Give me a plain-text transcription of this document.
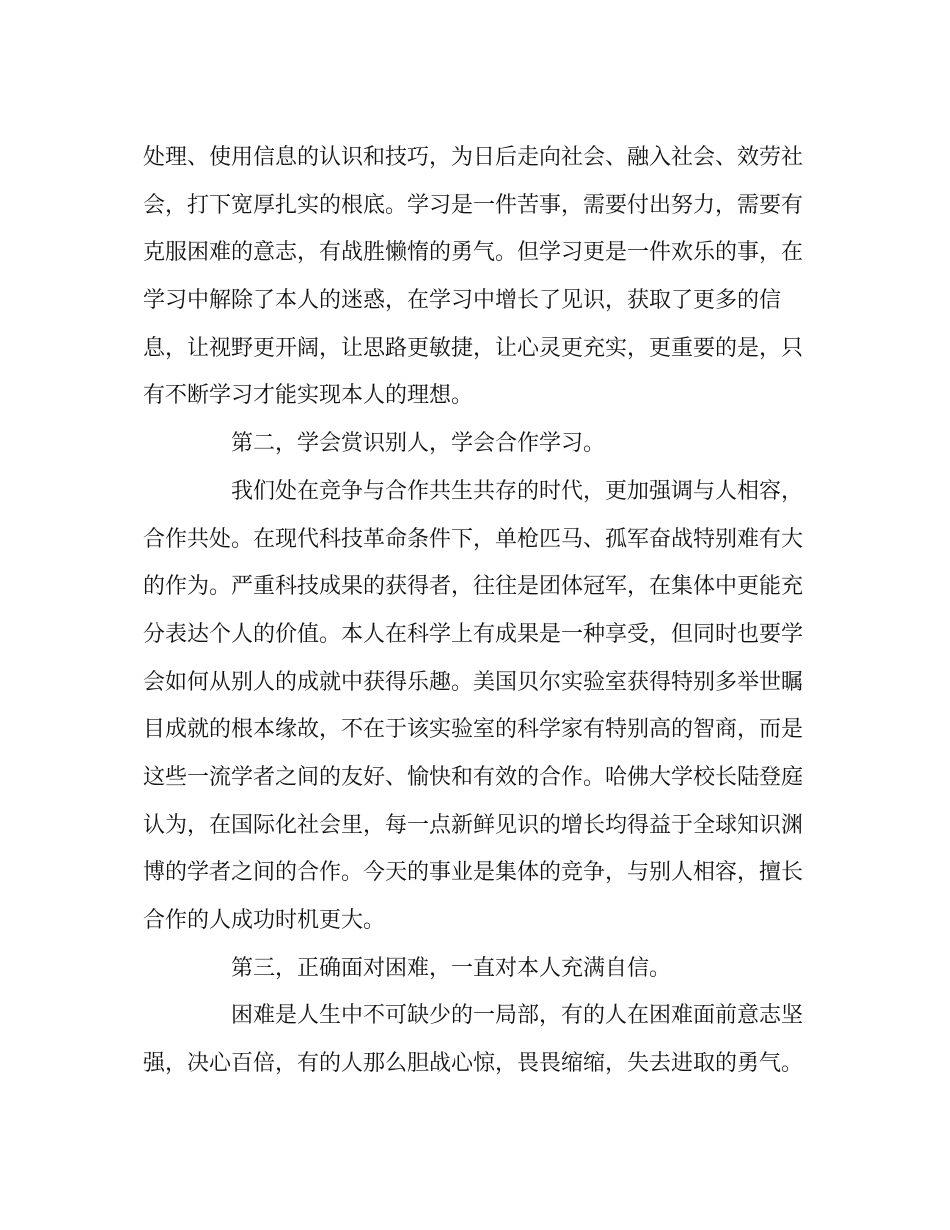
处理、使用信息的认识和技巧，为日后走向社会、融入社会、效劳社
会，打下宽厚扎实的根底。学习是一件苦事，需要付出努力，需要有
克服困难的意志，有战胜懒惰的勇气。但学习更是一件欢乐的事，在
学习中解除了本人的迷惑，在学习中增长了见识，获取了更多的信
息，让视野更开阔，让思路更敏捷，让心灵更充实，更重要的是，只
有不断学习才能实现本人的理想。
第二，学会赏识别人，学会合作学习。
我们处在竞争与合作共生共存的时代，更加强调与人相容，
合作共处。在现代科技革命条件下，单枪匹马、孤军奋战特别难有大
的作为。严重科技成果的获得者，往往是团体冠军，在集体中更能充
分表达个人的价值。本人在科学上有成果是一种享受，但同时也要学
会如何从别人的成就中获得乐趣。美国贝尔实验室获得特别多举世瞩
目成就的根本缘故，不在于该实验室的科学家有特别高的智商，而是
这些一流学者之间的友好、愉快和有效的合作。哈佛大学校长陆登庭
认为，在国际化社会里，每一点新鲜见识的增长均得益于全球知识渊
博的学者之间的合作。今天的事业是集体的竞争，与别人相容，擅长
合作的人成功时机更大。
第三，正确面对困难，一直对本人充满自信。
困难是人生中不可缺少的一局部，有的人在困难面前意志坚
强，决心百倍，有的人那么胆战心惊，畏畏缩缩，失去进取的勇气。
